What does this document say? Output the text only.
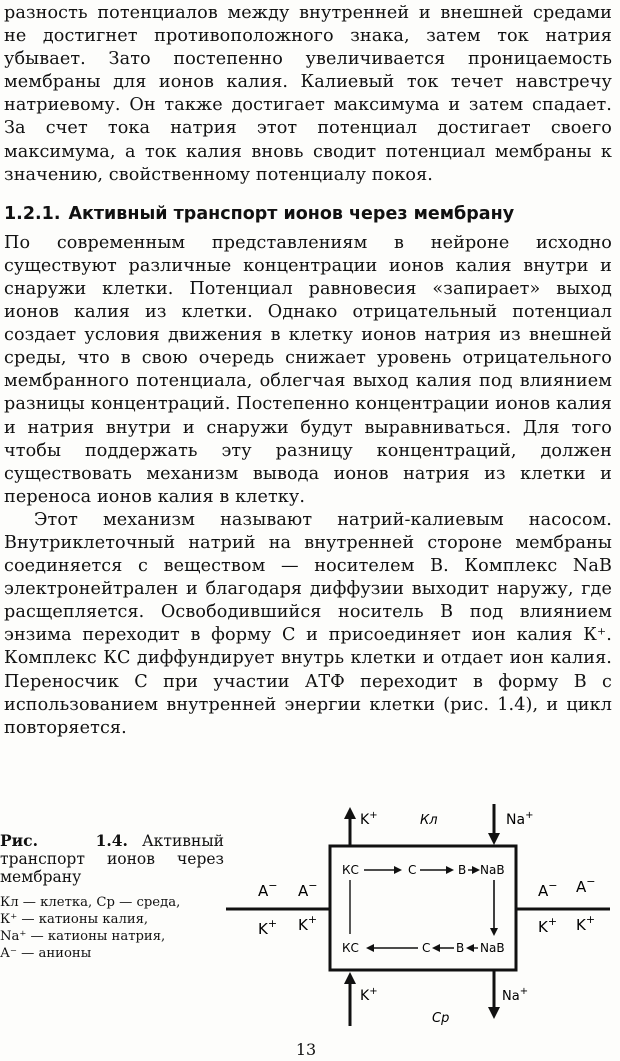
разность потенциалов между внутренней и внешней средами не достигнет противоположного знака, затем ток натрия убывает. Зато постепенно увеличивается проницаемость мембраны для ионов калия. Калиевый ток течет навстречу натриевому. Он также достигает максимума и затем спадает. За счет тока натрия этот потенциал достигает своего максимума, а ток калия вновь сводит потенциал мембраны к значению, свойственному потенциалу покоя.

1.2.1. Активный транспорт ионов через мембрану

По современным представлениям в нейроне исходно существуют различные концентрации ионов калия внутри и снаружи клетки. Потенциал равновесия «запирает» выход ионов калия из клетки. Однако отрицательный потенциал создает условия движения в клетку ионов натрия из внешней среды, что в свою очередь снижает уровень отрицательного мембранного потенциала, облегчая выход калия под влиянием разницы концентраций. Постепенно концентрации ионов калия и натрия внутри и снаружи будут выравниваться. Для того чтобы поддержать эту разницу концентраций, должен существовать механизм вывода ионов натрия из клетки и переноса ионов калия в клетку.

Этот механизм называют натрий-калиевым насосом. Внутриклеточный натрий на внутренней стороне мембраны соединяется с веществом — носителем В. Комплекс NaB электронейтрален и благодаря диффузии выходит наружу, где расщепляется. Освободившийся носитель В под влиянием энзима переходит в форму С и присоединяет ион калия К⁺. Комплекс КС диффундирует внутрь клетки и отдает ион калия. Переносчик С при участии АТФ переходит в форму В с использованием внутренней энергии клетки (рис. 1.4), и цикл повторяется.

Рис. 1.4. Активный транспорт ионов через мембрану

Кл — клетка, Ср — среда,
К⁺ — катионы калия,
Na⁺ — катионы натрия,
А⁻ — анионы
K+	Na+
K+	Na+
Кл
Ср
A− A−
K+ K+
A− A−
K+ K+
КС	С	В NaB
КС	С В NaB
13
